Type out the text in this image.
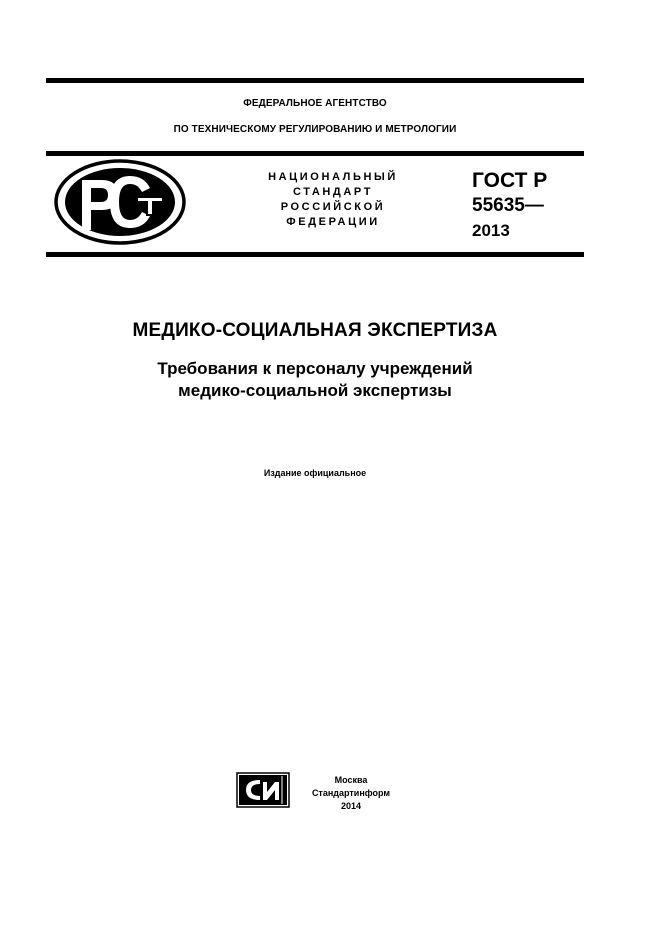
ФЕДЕРАЛЬНОЕ АГЕНТСТВО
ПО ТЕХНИЧЕСКОМУ РЕГУЛИРОВАНИЮ И МЕТРОЛОГИИ
НАЦИОНАЛЬНЫЙ
СТАНДАРТ
РОССИЙСКОЙ
ФЕДЕРАЦИИ
ГОСТ Р
55635—
2013
МЕДИКО-СОЦИАЛЬНАЯ ЭКСПЕРТИЗА
Требования к персоналу учреждений
медико-социальной экспертизы
Издание официальное
Москва
Стандартинформ
2014
